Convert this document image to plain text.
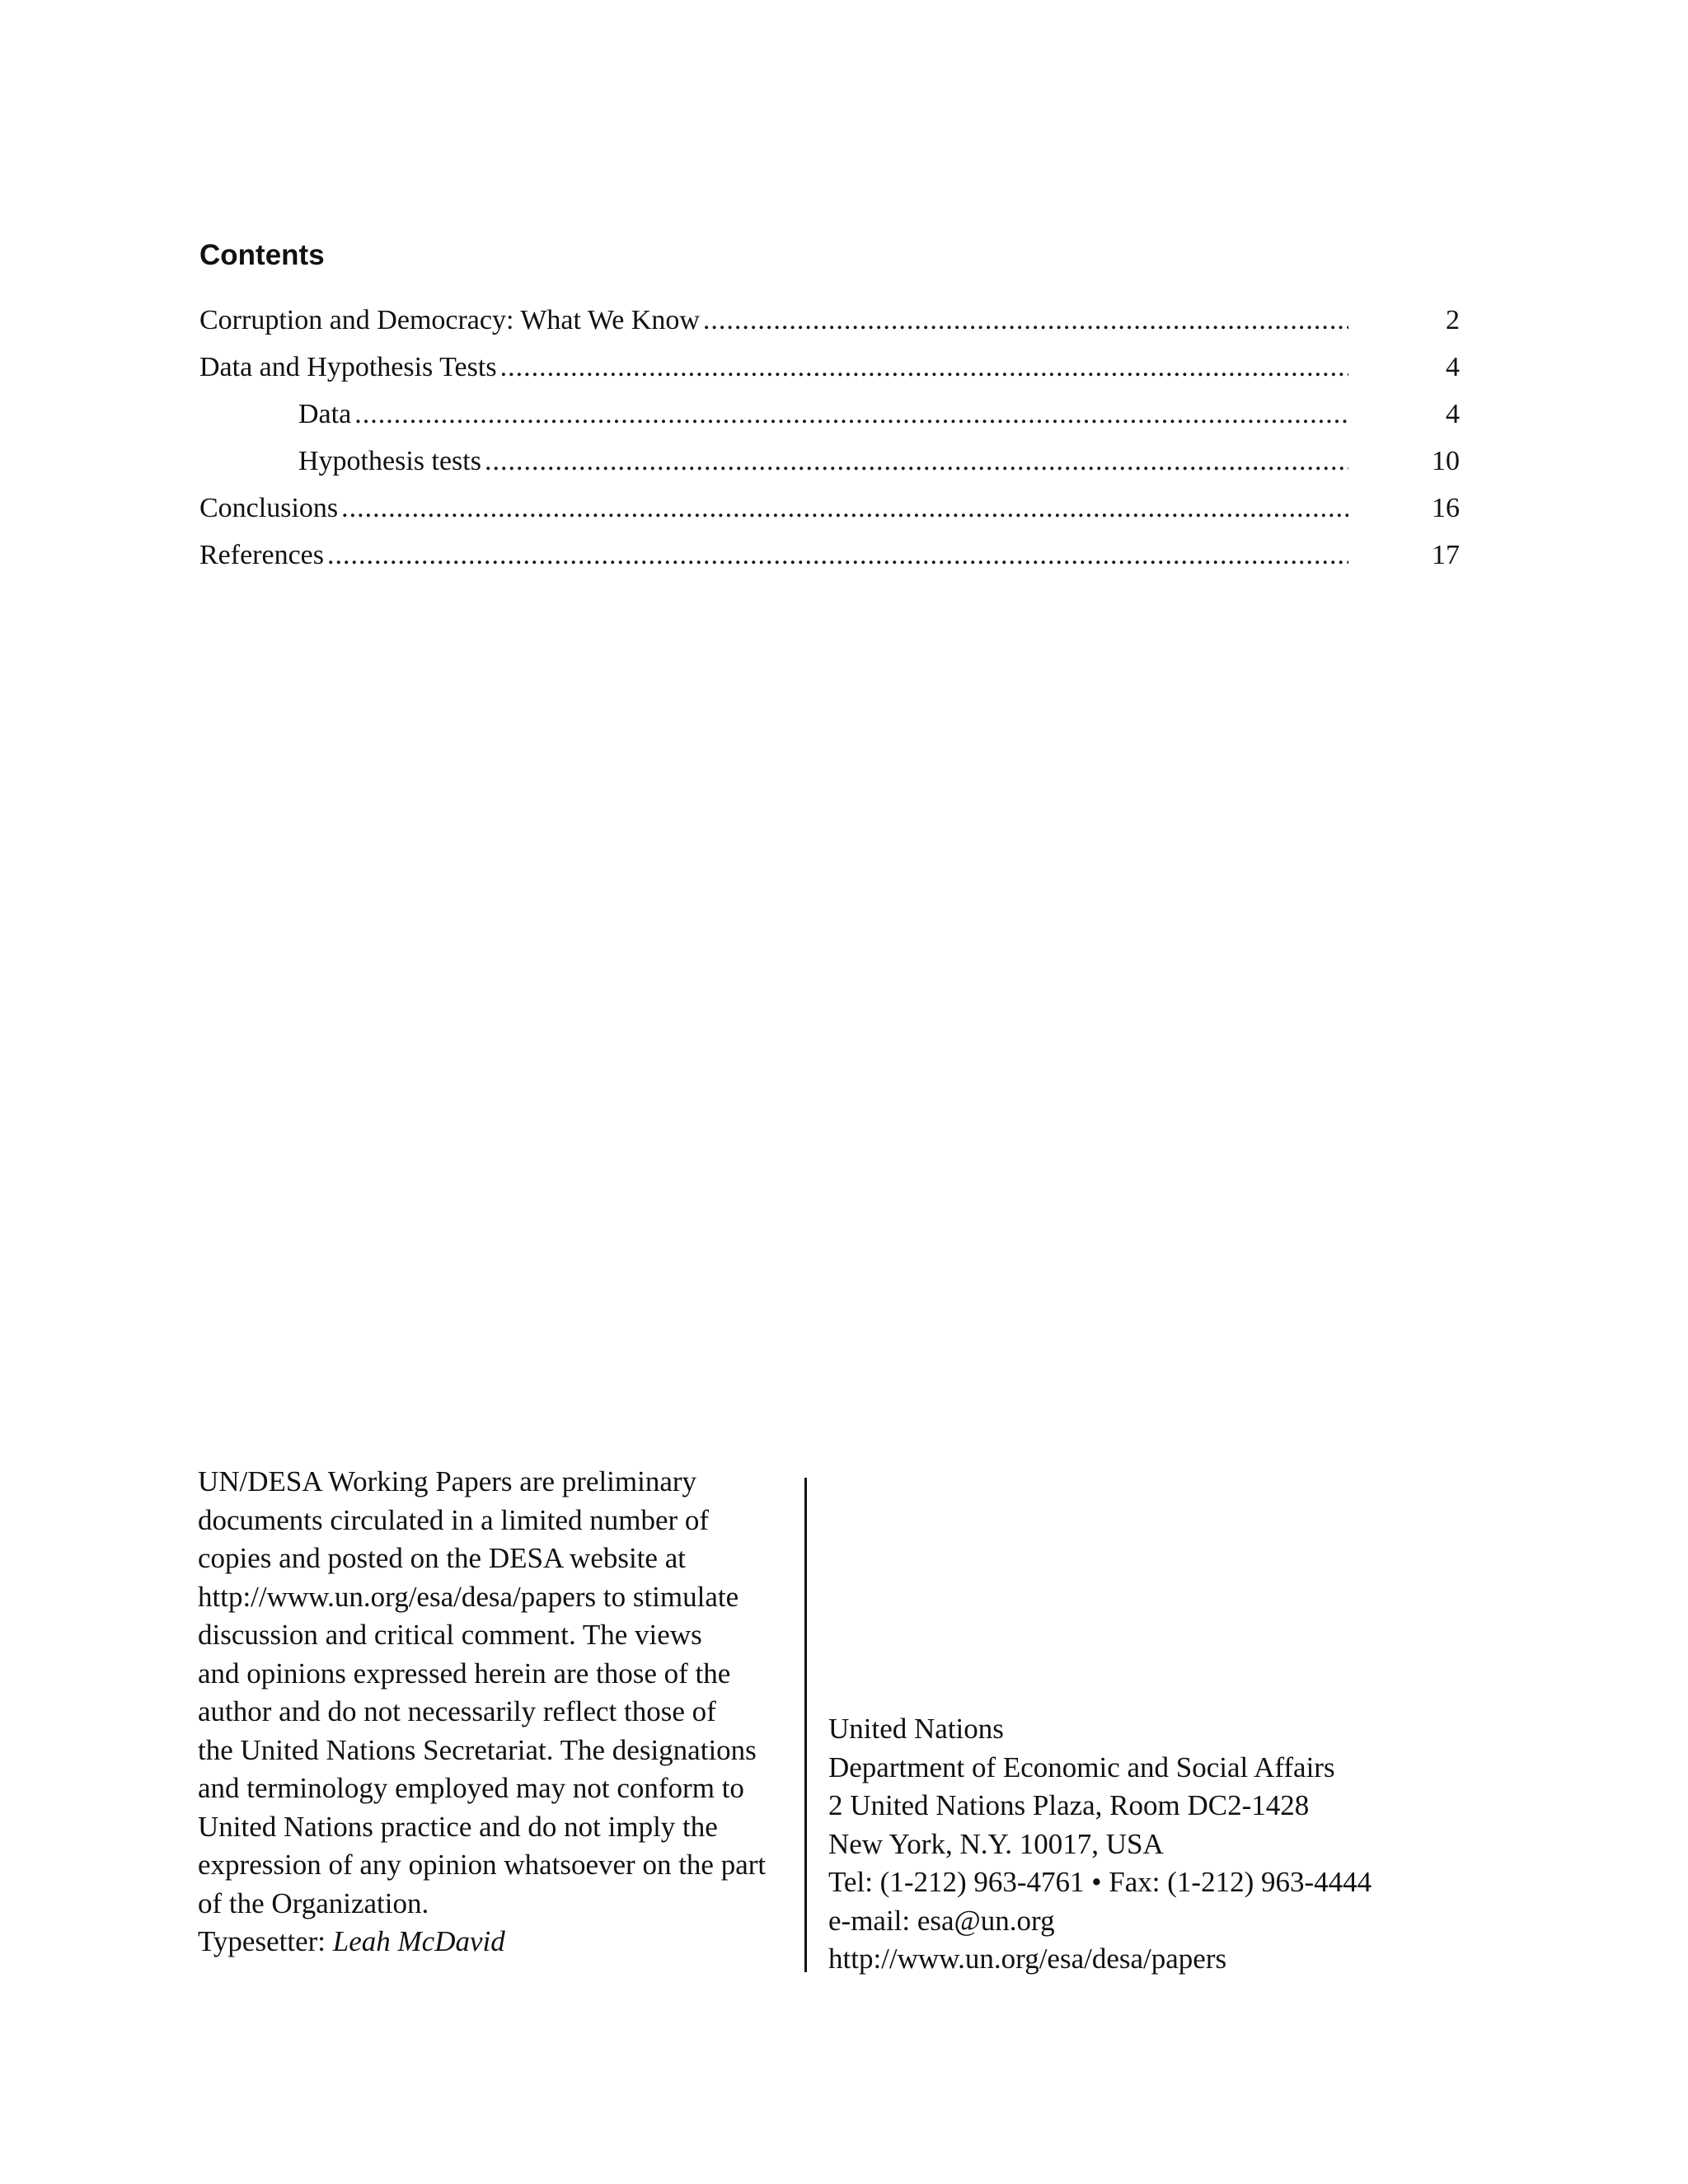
Contents
Corruption and Democracy: What We Know .....	2
Data and Hypothesis Tests .....	4
Data .....	4
Hypothesis tests .....	10
Conclusions .....	16
References .....	17

UN/DESA Working Papers are preliminary

documents circulated in a limited number of

copies and posted on the DESA website at

http://www.un.org/esa/desa/papers to stimulate

discussion and critical comment. The views

and opinions expressed herein are those of the

author and do not necessarily reflect those of

the United Nations Secretariat. The designations

and terminology employed may not conform to

United Nations practice and do not imply the

expression of any opinion whatsoever on the part

of the Organization.

Typesetter: Leah McDavid

United Nations
Department of Economic and Social Affairs
2 United Nations Plaza, Room DC2-1428
New York, N.Y. 10017, USA
Tel: (1-212) 963-4761 • Fax: (1-212) 963-4444
e-mail: esa@un.org
http://www.un.org/esa/desa/papers
